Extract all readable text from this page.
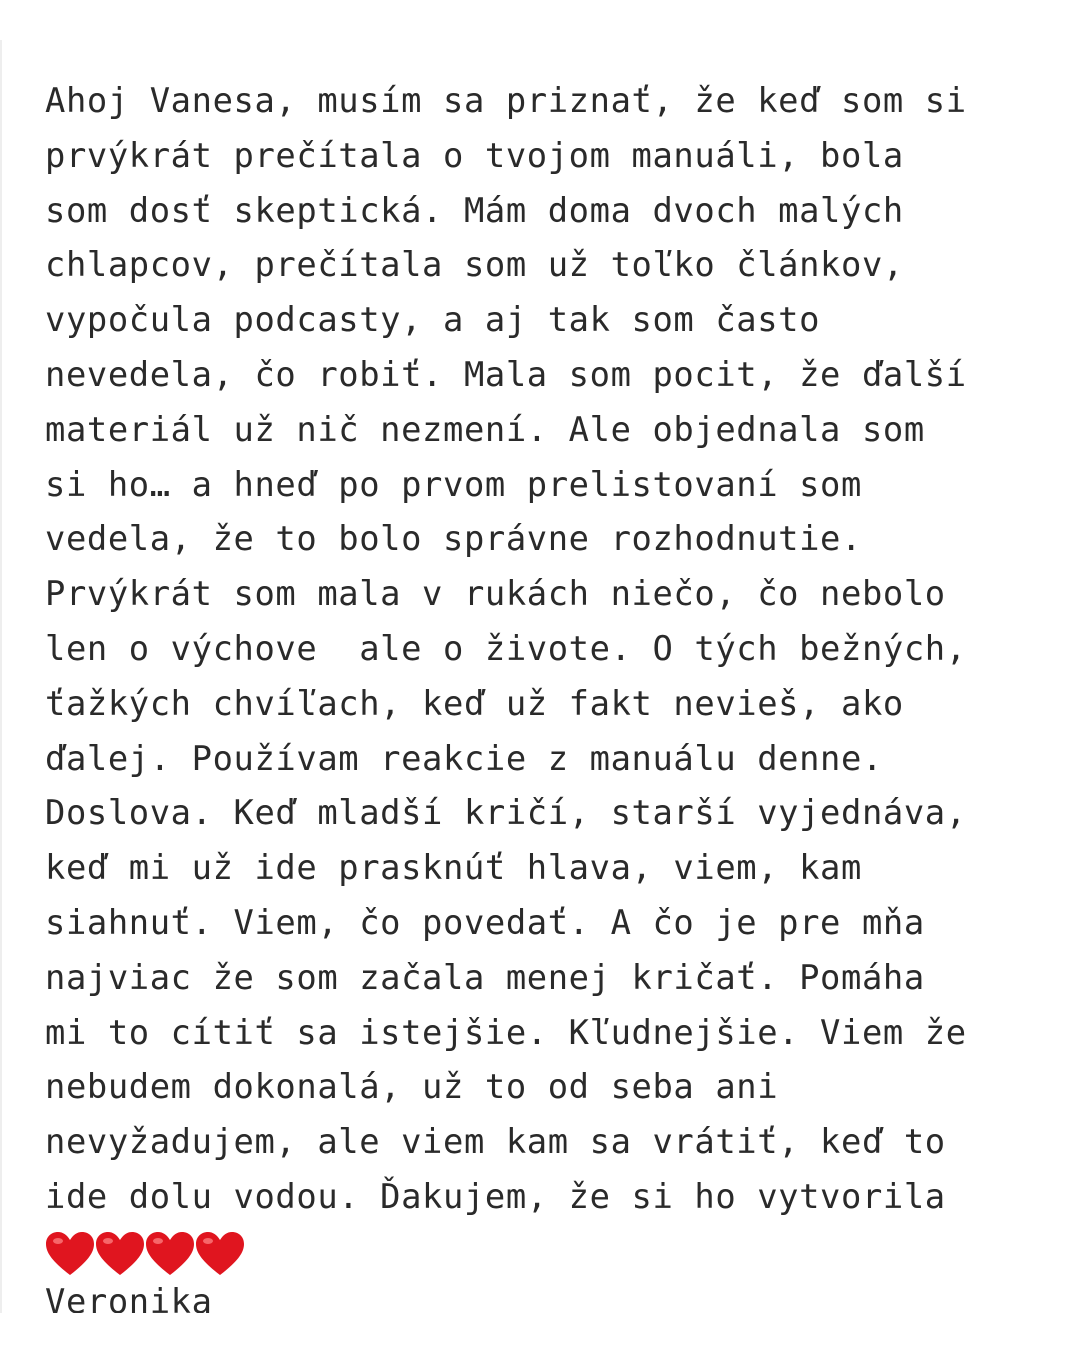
Ahoj Vanesa, musím sa priznať, že keď som si
prvýkrát prečítala o tvojom manuáli, bola
som dosť skeptická. Mám doma dvoch malých
chlapcov, prečítala som už toľko článkov,
vypočula podcasty, a aj tak som často
nevedela, čo robiť. Mala som pocit, že ďalší
materiál už nič nezmení. Ale objednala som
si ho… a hneď po prvom prelistovaní som
vedela, že to bolo správne rozhodnutie.
Prvýkrát som mala v rukách niečo, čo nebolo
len o výchove  ale o živote. O tých bežných,
ťažkých chvíľach, keď už fakt nevieš, ako
ďalej. Používam reakcie z manuálu denne.
Doslova. Keď mladší kričí, starší vyjednáva,
keď mi už ide prasknúť hlava, viem, kam
siahnuť. Viem, čo povedať. A čo je pre mňa
najviac že som začala menej kričať. Pomáha
mi to cítiť sa istejšie. Kľudnejšie. Viem že
nebudem dokonalá, už to od seba ani
nevyžadujem, ale viem kam sa vrátiť, keď to
ide dolu vodou. Ďakujem, že si ho vytvorila
Veronika
